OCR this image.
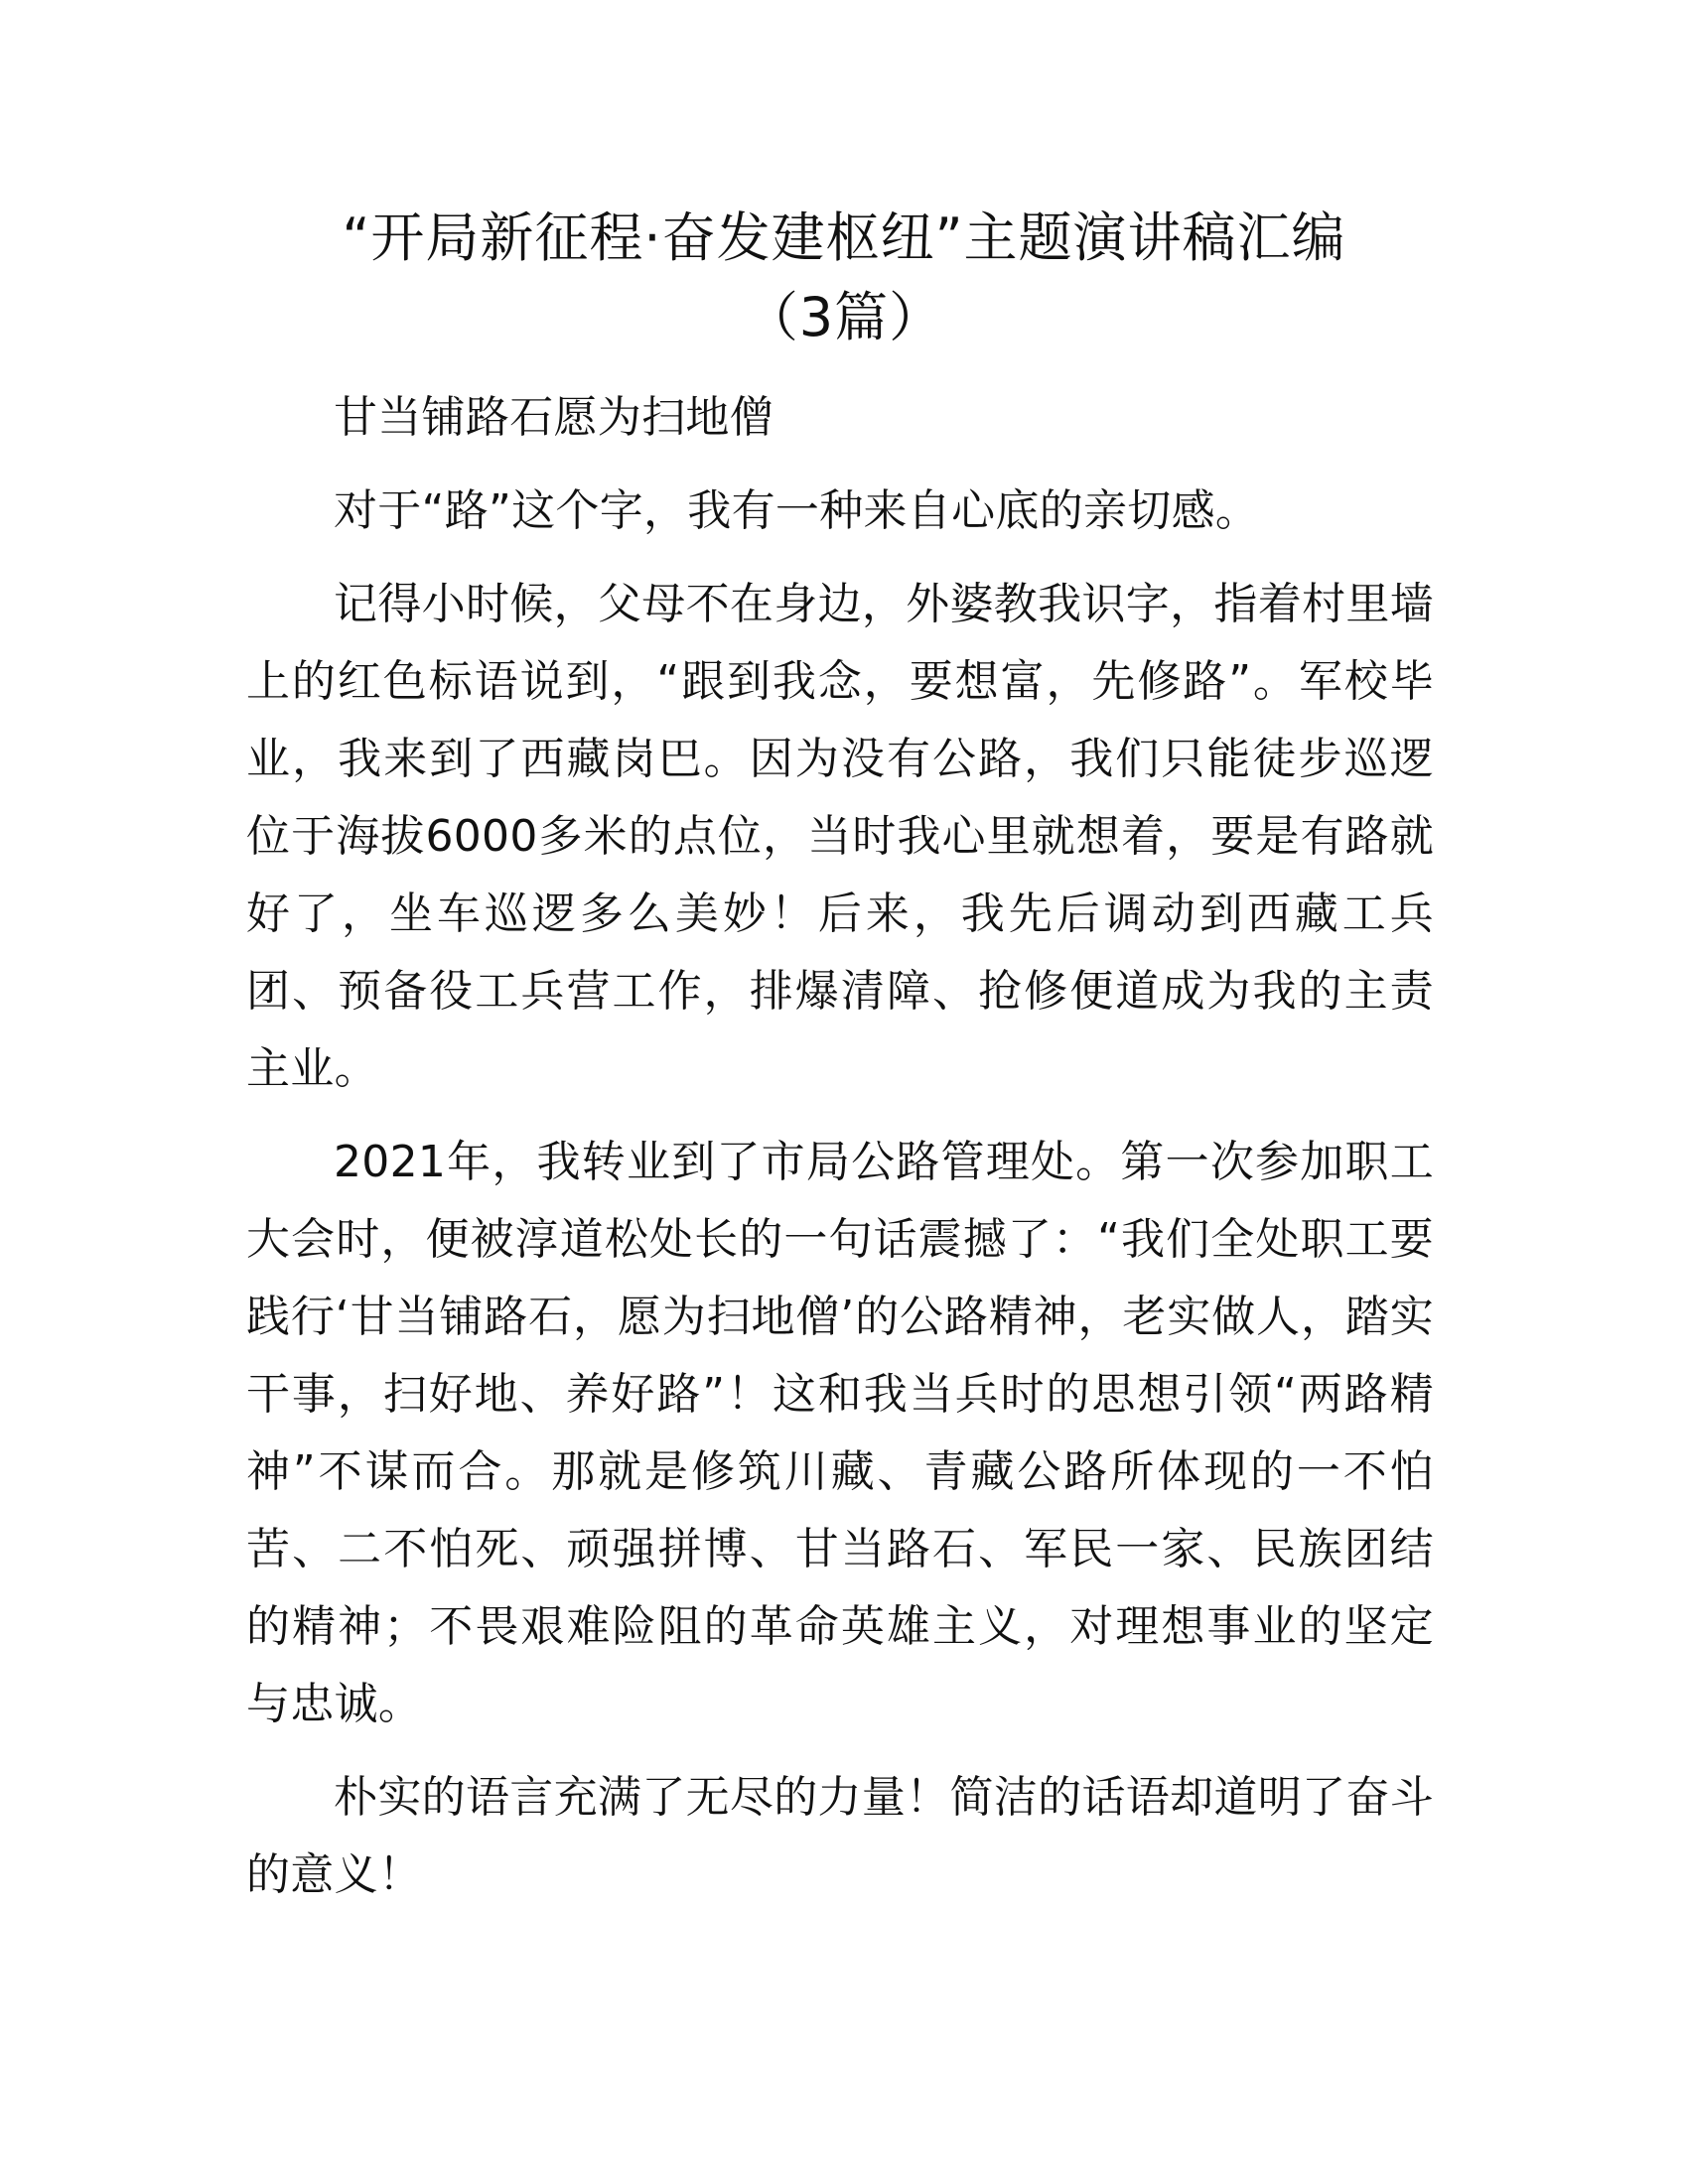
“开局新征程·奋发建枢纽”主题演讲稿汇编
（3篇）

甘当铺路石愿为扫地僧

对于“路”这个字，我有一种来自心底的亲切感。

记得小时候，父母不在身边，外婆教我识字，指着村里墙上的红色标语说到，“跟到我念，要想富，先修路”。军校毕业，我来到了西藏岗巴。因为没有公路，我们只能徒步巡逻位于海拔6000多米的点位，当时我心里就想着，要是有路就好了，坐车巡逻多么美妙！后来，我先后调动到西藏工兵团、预备役工兵营工作，排爆清障、抢修便道成为我的主责主业。

2021年，我转业到了市局公路管理处。第一次参加职工大会时，便被淳道松处长的一句话震撼了：“我们全处职工要践行‘甘当铺路石，愿为扫地僧’的公路精神，老实做人，踏实干事，扫好地、养好路”！这和我当兵时的思想引领“两路精神”不谋而合。那就是修筑川藏、青藏公路所体现的一不怕苦、二不怕死、顽强拼博、甘当路石、军民一家、民族团结的精神；不畏艰难险阻的革命英雄主义，对理想事业的坚定与忠诚。

朴实的语言充满了无尽的力量！简洁的话语却道明了奋斗的意义！
